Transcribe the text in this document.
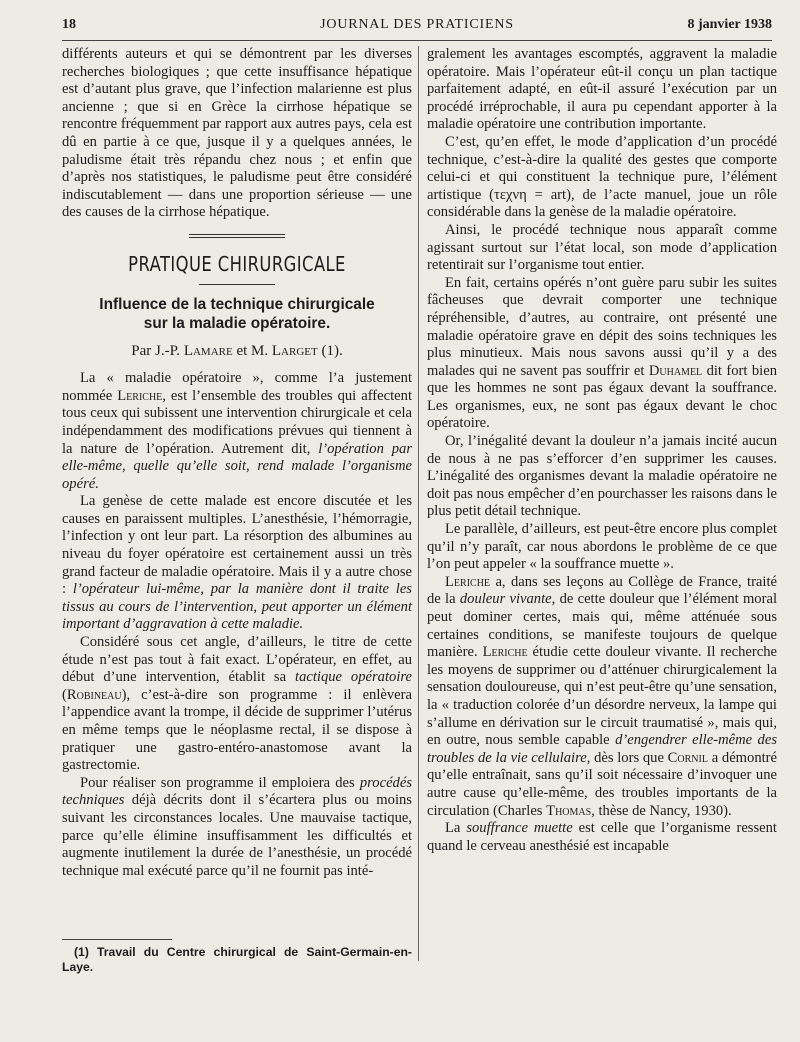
18	JOURNAL DES PRATICIENS	8 janvier 1938

différents auteurs et qui se démontrent par les diverses recherches biologiques ; que cette insuffisance hépatique est d’autant plus grave, que l’infection malarienne est plus ancienne ; que si en Grèce la cirrhose hépatique se rencontre fréquemment par rapport aux autres pays, cela est dû en partie à ce que, jusque il y a quelques années, le paludisme était très répandu chez nous ; et enfin que d’après nos statistiques, le paludisme peut être considéré indiscutablement — dans une proportion sérieuse — une des causes de la cirrhose hépatique.

PRATIQUE CHIRURGICALE
Influence de la technique chirurgicale
sur la maladie opératoire.
Par J.-P. Lamare et M. Larget (1).

La « maladie opératoire », comme l’a justement nommée Leriche, est l’ensemble des troubles qui affectent tous ceux qui subissent une intervention chirurgicale et cela indépendamment des modifications prévues qui tiennent à la nature de l’opération. Autrement dit, l’opération par elle-même, quelle qu’elle soit, rend malade l’organisme opéré.

La genèse de cette malade est encore discutée et les causes en paraissent multiples. L’anesthésie, l’hémorragie, l’infection y ont leur part. La résorption des albumines au niveau du foyer opératoire est certainement aussi un très grand facteur de maladie opératoire. Mais il y a autre chose : l’opérateur lui-même, par la manière dont il traite les tissus au cours de l’intervention, peut apporter un élément important d’aggravation à cette maladie.

Considéré sous cet angle, d’ailleurs, le titre de cette étude n’est pas tout à fait exact. L’opérateur, en effet, au début d’une intervention, établit sa tactique opératoire (Robineau), c’est-à-dire son programme : il enlèvera l’appendice avant la trompe, il décide de supprimer l’utérus en même temps que le néoplasme rectal, il se dispose à pratiquer une gastro-entéro-anastomose avant la gastrectomie.

Pour réaliser son programme il emploiera des procédés techniques déjà décrits dont il s’écartera plus ou moins suivant les circonstances locales. Une mauvaise tactique, parce qu’elle élimine insuffisamment les difficultés et augmente inutilement la durée de l’anesthésie, un procédé technique mal exécuté parce qu’il ne fournit pas inté-

(1) Travail du Centre chirurgical de Saint-Germain-en-Laye.

gralement les avantages escomptés, aggravent la maladie opératoire. Mais l’opérateur eût-il conçu un plan tactique parfaitement adapté, en eût-il assuré l’exécution par un procédé irréprochable, il aura pu cependant apporter à la maladie opératoire une contribution importante.

C’est, qu’en effet, le mode d’application d’un procédé technique, c’est-à-dire la qualité des gestes que comporte celui-ci et qui constituent la technique pure, l’élément artistique (τεχνη = art), de l’acte manuel, joue un rôle considérable dans la genèse de la maladie opératoire.

Ainsi, le procédé technique nous apparaît comme agissant surtout sur l’état local, son mode d’application retentirait sur l’organisme tout entier.

En fait, certains opérés n’ont guère paru subir les suites fâcheuses que devrait comporter une technique répréhensible, d’autres, au contraire, ont présenté une maladie opératoire grave en dépit des soins techniques les plus minutieux. Mais nous savons aussi qu’il y a des malades qui ne savent pas souffrir et Duhamel dit fort bien que les hommes ne sont pas égaux devant la souffrance. Les organismes, eux, ne sont pas égaux devant le choc opératoire.

Or, l’inégalité devant la douleur n’a jamais incité aucun de nous à ne pas s’efforcer d’en supprimer les causes. L’inégalité des organismes devant la maladie opératoire ne doit pas nous empêcher d’en pourchasser les raisons dans le plus petit détail technique.

Le parallèle, d’ailleurs, est peut-être encore plus complet qu’il n’y paraît, car nous abordons le problème de ce que l’on peut appeler « la souffrance muette ».

Leriche a, dans ses leçons au Collège de France, traité de la douleur vivante, de cette douleur que l’élément moral peut dominer certes, mais qui, même atténuée sous certaines conditions, se manifeste toujours de quelque manière. Leriche étudie cette douleur vivante. Il recherche les moyens de supprimer ou d’atténuer chirurgicalement la sensation douloureuse, qui n’est peut-être qu’une sensation, la « traduction colorée d’un désordre nerveux, la lampe qui s’allume en dérivation sur le circuit traumatisé », mais qui, en outre, nous semble capable d’engendrer elle-même des troubles de la vie cellulaire, dès lors que Cornil a démontré qu’elle entraînait, sans qu’il soit nécessaire d’invoquer une autre cause qu’elle-même, des troubles importants de la circulation (Charles Thomas, thèse de Nancy, 1930).

La souffrance muette est celle que l’organisme ressent quand le cerveau anesthésié est incapable
